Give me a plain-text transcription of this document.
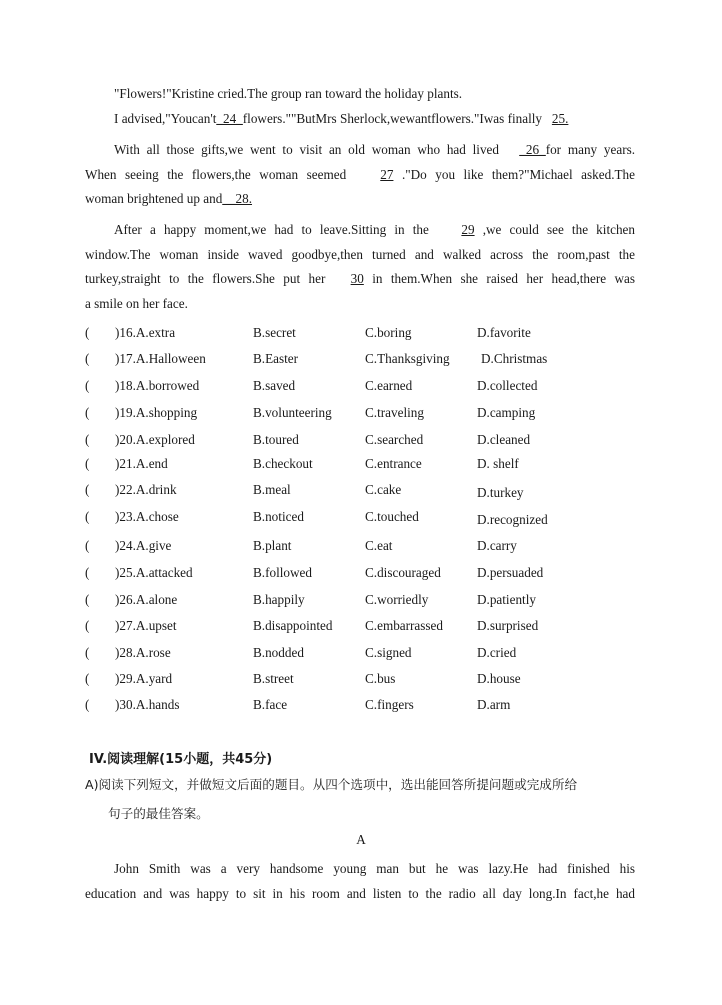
"Flowers!"Kristine cried.The group ran toward the holiday plants.
I advised,"Youcan't_24_flowers.""ButMrs Sherlock,wewantflowers."Iwas finally 25.
With all those gifts,we went to visit an old woman who had lived _26_for many years.
When seeing the flowers,the woman seemed	27 ."Do you like them?"Michael asked.The
woman brightened up and__28.
After a happy moment,we had to leave.Sitting in the 29 ,we could see the kitchen
window.The woman inside waved goodbye,then turned and walked across the room,past the
turkey,straight to the flowers.She put her 30 in them.When she raised her head,there was
a smile on her face.
( )16.A.extra	B.secret	C.boring	D.favorite
( )17.A.Halloween	B.Easter	C.Thanksgiving D.Christmas
( )18.A.borrowed	B.saved	C.earned	D.collected
( )19.A.shopping	B.volunteering	C.traveling	D.camping
( )20.A.explored	B.toured	C.searched	D.cleaned
( )21.A.end	B.checkout	C.entrance	D. shelf
( )22.A.drink	B.meal	C.cake	D.turkey
( )23.A.chose	B.noticed	C.touched	D.recognized
( )24.A.give	B.plant	C.eat	D.carry
( )25.A.attacked	B.followed	C.discouraged	D.persuaded
( )26.A.alone	B.happily	C.worriedly	D.patiently
( )27.A.upset	B.disappointed C.embarrassed	D.surprised
( )28.A.rose	B.nodded	C.signed	D.cried
( )29.A.yard	B.street	C.bus	D.house
( )30.A.hands	B.face	C.fingers	D.arm
IV.阅读理解(15小题，共45分)
A)阅读下列短文，并做短文后面的题目。从四个选项中，选出能回答所提问题或完成所给
句子的最佳答案。
A
John Smith was a very handsome young man but he was lazy.He had finished his
education and was happy to sit in his room and listen to the radio all day long.In fact,he had
